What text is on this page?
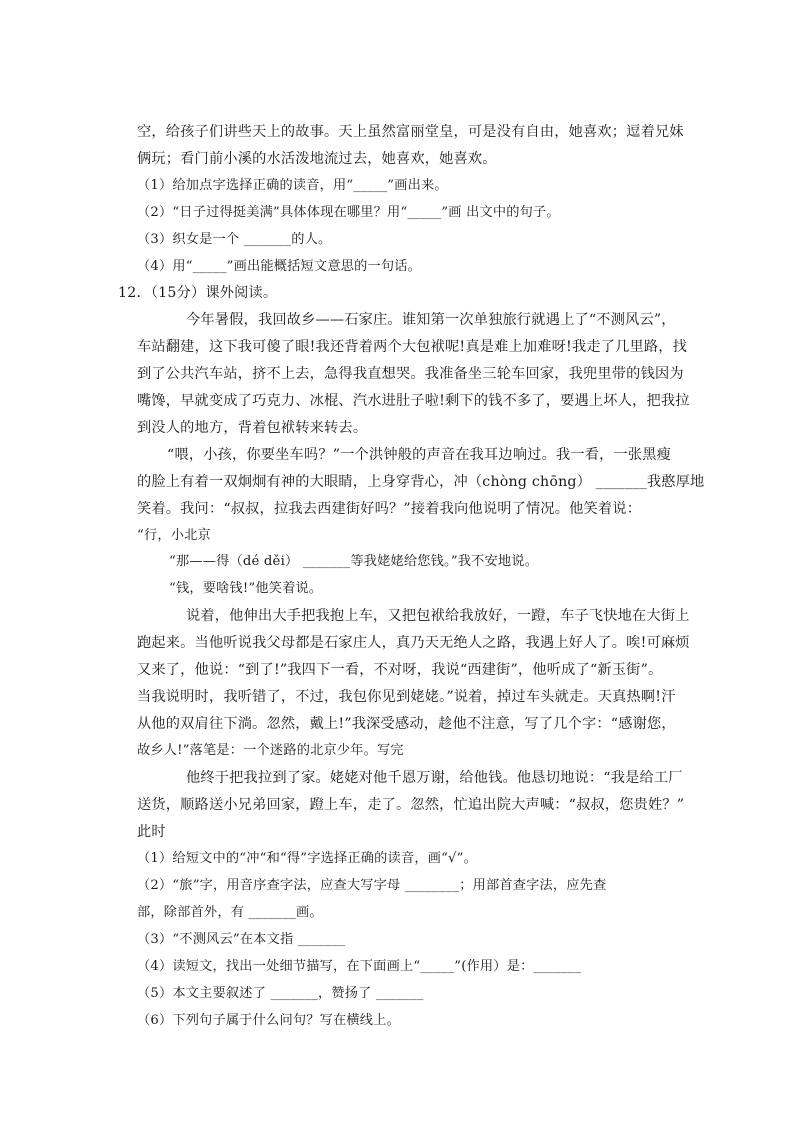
空，给孩子们讲些天上的故事。天上虽然富丽堂皇，可是没有自由，她喜欢；逗着兄妹
俩玩；看门前小溪的水活泼地流过去，她喜欢，她喜欢。
（1）给加点字选择正确的读音，用“_____”画出来。
（2）“日子过得挺美满”具体体现在哪里？用“_____”画 出文中的句子。
（3）织女是一个 _______的人。
（4）用“_____”画出能概括短文意思的一句话。
12．（15分）课外阅读。
今年暑假，我回故乡——石家庄。谁知第一次单独旅行就遇上了“不测风云”，
车站翻建，这下我可傻了眼!我还背着两个大包袱呢!真是难上加难呀!我走了几里路，找
到了公共汽车站，挤不上去，急得我直想哭。我准备坐三轮车回家，我兜里带的钱因为
嘴馋，早就变成了巧克力、冰棍、汽水进肚子啦!剩下的钱不多了，要遇上坏人，把我拉
到没人的地方，背着包袱转来转去。
“喂，小孩，你要坐车吗？”一个洪钟般的声音在我耳边响过。我一看，一张黑瘦
的脸上有着一双炯炯有神的大眼睛，上身穿背心，冲（chòng chōng） _______我憨厚地
笑着。我问：“叔叔，拉我去西建街好吗？”接着我向他说明了情况。他笑着说：
“行，小北京
“那——得（dé děi） _______等我姥姥给您钱。”我不安地说。
“钱，要啥钱!”他笑着说。
说着，他伸出大手把我抱上车，又把包袱给我放好，一蹬，车子飞快地在大街上
跑起来。当他听说我父母都是石家庄人，真乃天无绝人之路，我遇上好人了。唉!可麻烦
又来了，他说：“到了!”我四下一看，不对呀，我说“西建街”，他听成了“新玉街”。
当我说明时，我听错了，不过，我包你见到姥姥。”说着，掉过车头就走。天真热啊!汗
从他的双肩往下淌。忽然，戴上!”我深受感动，趁他不注意，写了几个字：“感谢您，
故乡人!”落笔是：一个迷路的北京少年。写完
他终于把我拉到了家。姥姥对他千恩万谢，给他钱。他恳切地说：“我是给工厂
送货，顺路送小兄弟回家，蹬上车，走了。忽然，忙追出院大声喊：“叔叔，您贵姓？”
此时
（1）给短文中的“冲“和“得”字选择正确的读音，画“√”。
（2）“旅”字，用音序查字法，应查大写字母 ________；用部首查字法，应先查
部，除部首外，有 _______画。
（3）“不测风云”在本文指 _______
（4）读短文，找出一处细节描写，在下面画上“_____”(作用）是：_______
（5）本文主要叙述了 _______，赞扬了 _______
（6）下列句子属于什么问句？写在横线上。
